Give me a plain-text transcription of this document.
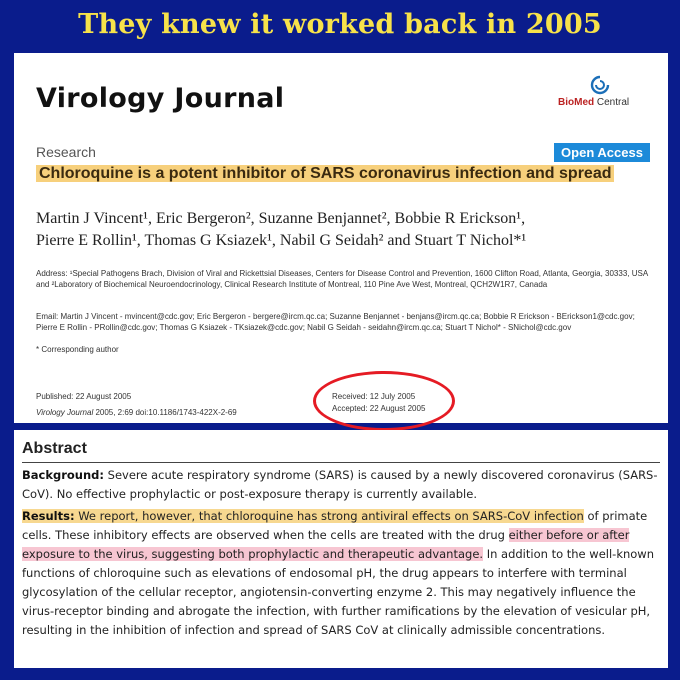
They knew it worked back in 2005
Virology Journal	BioMed Central
Research	Open Access
Chloroquine is a potent inhibitor of SARS coronavirus infection and spread
Martin J Vincent¹, Eric Bergeron², Suzanne Benjannet², Bobbie R Erickson¹,
Pierre E Rollin¹, Thomas G Ksiazek¹, Nabil G Seidah² and Stuart T Nichol*¹
Address: ¹Special Pathogens Brach, Division of Viral and Rickettsial Diseases, Centers for Disease Control and Prevention, 1600 Clifton Road, Atlanta, Georgia, 30333, USA and ²Laboratory of Biochemical Neuroendocrinology, Clinical Research Institute of Montreal, 110 Pine Ave West, Montreal, QCH2W1R7, Canada
Email: Martin J Vincent - mvincent@cdc.gov; Eric Bergeron - bergere@ircm.qc.ca; Suzanne Benjannet - benjans@ircm.qc.ca; Bobbie R Erickson - BErickson1@cdc.gov; Pierre E Rollin - PRollin@cdc.gov; Thomas G Ksiazek - TKsiazek@cdc.gov; Nabil G Seidah - seidahn@ircm.qc.ca; Stuart T Nichol* - SNichol@cdc.gov
* Corresponding author
Published: 22 August 2005
Virology Journal 2005, 2:69 doi:10.1186/1743-422X-2-69
Received: 12 July 2005
Accepted: 22 August 2005
Abstract

Background: Severe acute respiratory syndrome (SARS) is caused by a newly discovered coronavirus (SARS-CoV). No effective prophylactic or post-exposure therapy is currently available.

Results: We report, however, that chloroquine has strong antiviral effects on SARS-CoV infection of primate cells. These inhibitory effects are observed when the cells are treated with the drug either before or after exposure to the virus, suggesting both prophylactic and therapeutic advantage. In addition to the well-known functions of chloroquine such as elevations of endosomal pH, the drug appears to interfere with terminal glycosylation of the cellular receptor, angiotensin-converting enzyme 2. This may negatively influence the virus-receptor binding and abrogate the infection, with further ramifications by the elevation of vesicular pH, resulting in the inhibition of infection and spread of SARS CoV at clinically admissible concentrations.
